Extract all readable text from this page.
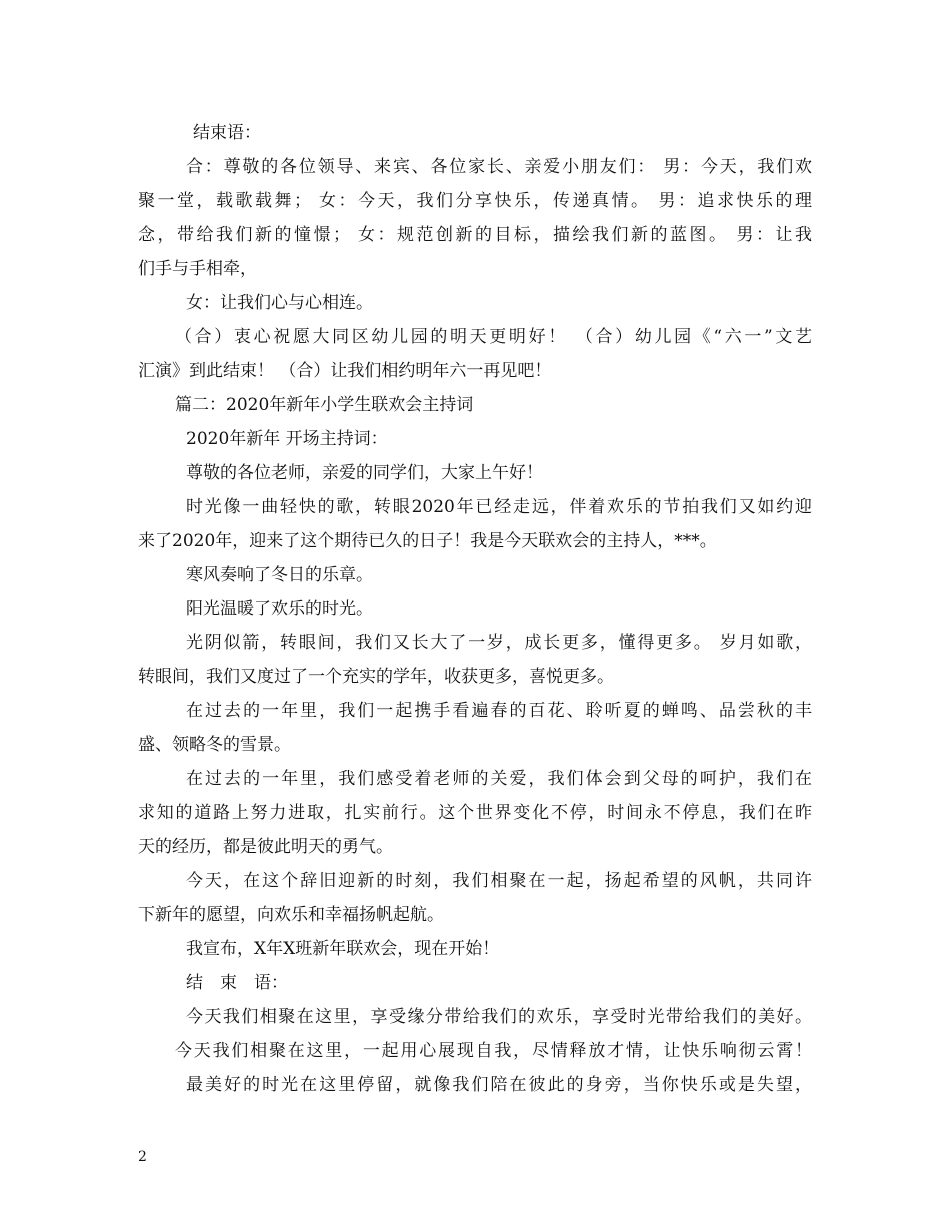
结束语：
合：尊敬的各位领导、来宾、各位家长、亲爱小朋友们： 男：今天，我们欢
聚一堂，载歌载舞； 女：今天，我们分享快乐，传递真情。 男：追求快乐的理
念，带给我们新的憧憬； 女：规范创新的目标，描绘我们新的蓝图。 男：让我
们手与手相牵，
女：让我们心与心相连。
（合）衷心祝愿大同区幼儿园的明天更明好！ （合）幼儿园《“六一”文艺
汇演》到此结束！ （合）让我们相约明年六一再见吧！
篇二：2020年新年小学生联欢会主持词
2020年新年 开场主持词：
尊敬的各位老师，亲爱的同学们，大家上午好！
时光像一曲轻快的歌，转眼2020年已经走远，伴着欢乐的节拍我们又如约迎
来了2020年，迎来了这个期待已久的日子！我是今天联欢会的主持人，***。
寒风奏响了冬日的乐章。
阳光温暖了欢乐的时光。
光阴似箭，转眼间，我们又长大了一岁，成长更多，懂得更多。 岁月如歌，
转眼间，我们又度过了一个充实的学年，收获更多，喜悦更多。
在过去的一年里，我们一起携手看遍春的百花、聆听夏的蝉鸣、品尝秋的丰
盛、领略冬的雪景。
在过去的一年里，我们感受着老师的关爱，我们体会到父母的呵护，我们在
求知的道路上努力进取，扎实前行。这个世界变化不停，时间永不停息，我们在昨
天的经历，都是彼此明天的勇气。
今天，在这个辞旧迎新的时刻，我们相聚在一起，扬起希望的风帆，共同许
下新年的愿望，向欢乐和幸福扬帆起航。
我宣布，X年X班新年联欢会，现在开始！
结　束　语：
今天我们相聚在这里，享受缘分带给我们的欢乐，享受时光带给我们的美好。
今天我们相聚在这里，一起用心展现自我，尽情释放才情，让快乐响彻云霄！
最美好的时光在这里停留，就像我们陪在彼此的身旁，当你快乐或是失望，
2
